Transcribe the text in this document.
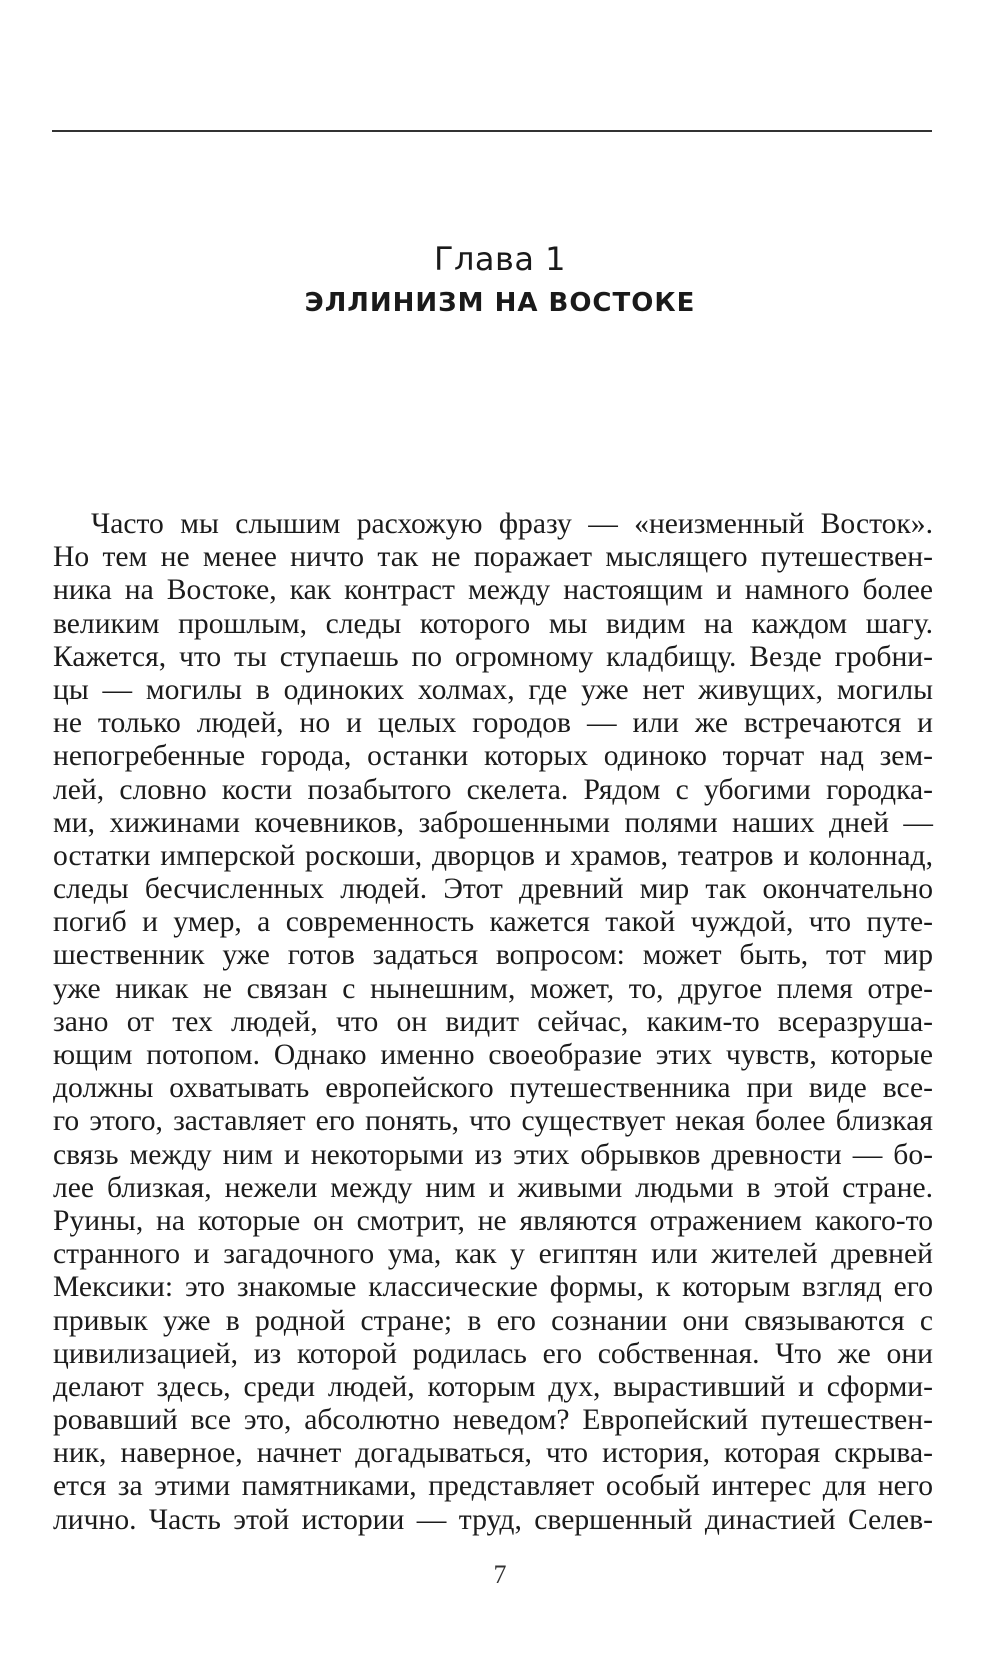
Глава 1
ЭЛЛИНИЗМ НА ВОСТОКЕ
Часто мы слышим расхожую фразу — «неизменный Восток».
Но тем не менее ничто так не поражает мыслящего путешествен-
ника на Востоке, как контраст между настоящим и намного более
великим прошлым, следы которого мы видим на каждом шагу.
Кажется, что ты ступаешь по огромному кладбищу. Везде гробни-
цы — могилы в одиноких холмах, где уже нет живущих, могилы
не только людей, но и целых городов — или же встречаются и
непогребенные города, останки которых одиноко торчат над зем-
лей, словно кости позабытого скелета. Рядом с убогими городка-
ми, хижинами кочевников, заброшенными полями наших дней —
остатки имперской роскоши, дворцов и храмов, театров и колоннад,
следы бесчисленных людей. Этот древний мир так окончательно
погиб и умер, а современность кажется такой чуждой, что путе-
шественник уже готов задаться вопросом: может быть, тот мир
уже никак не связан с нынешним, может, то, другое племя отре-
зано от тех людей, что он видит сейчас, каким-то всеразруша-
ющим потопом. Однако именно своеобразие этих чувств, которые
должны охватывать европейского путешественника при виде все-
го этого, заставляет его понять, что существует некая более близкая
связь между ним и некоторыми из этих обрывков древности — бо-
лее близкая, нежели между ним и живыми людьми в этой стране.
Руины, на которые он смотрит, не являются отражением какого-то
странного и загадочного ума, как у египтян или жителей древней
Мексики: это знакомые классические формы, к которым взгляд его
привык уже в родной стране; в его сознании они связываются с
цивилизацией, из которой родилась его собственная. Что же они
делают здесь, среди людей, которым дух, вырастивший и сформи-
ровавший все это, абсолютно неведом? Европейский путешествен-
ник, наверное, начнет догадываться, что история, которая скрыва-
ется за этими памятниками, представляет особый интерес для него
лично. Часть этой истории — труд, свершенный династией Селев-
7
